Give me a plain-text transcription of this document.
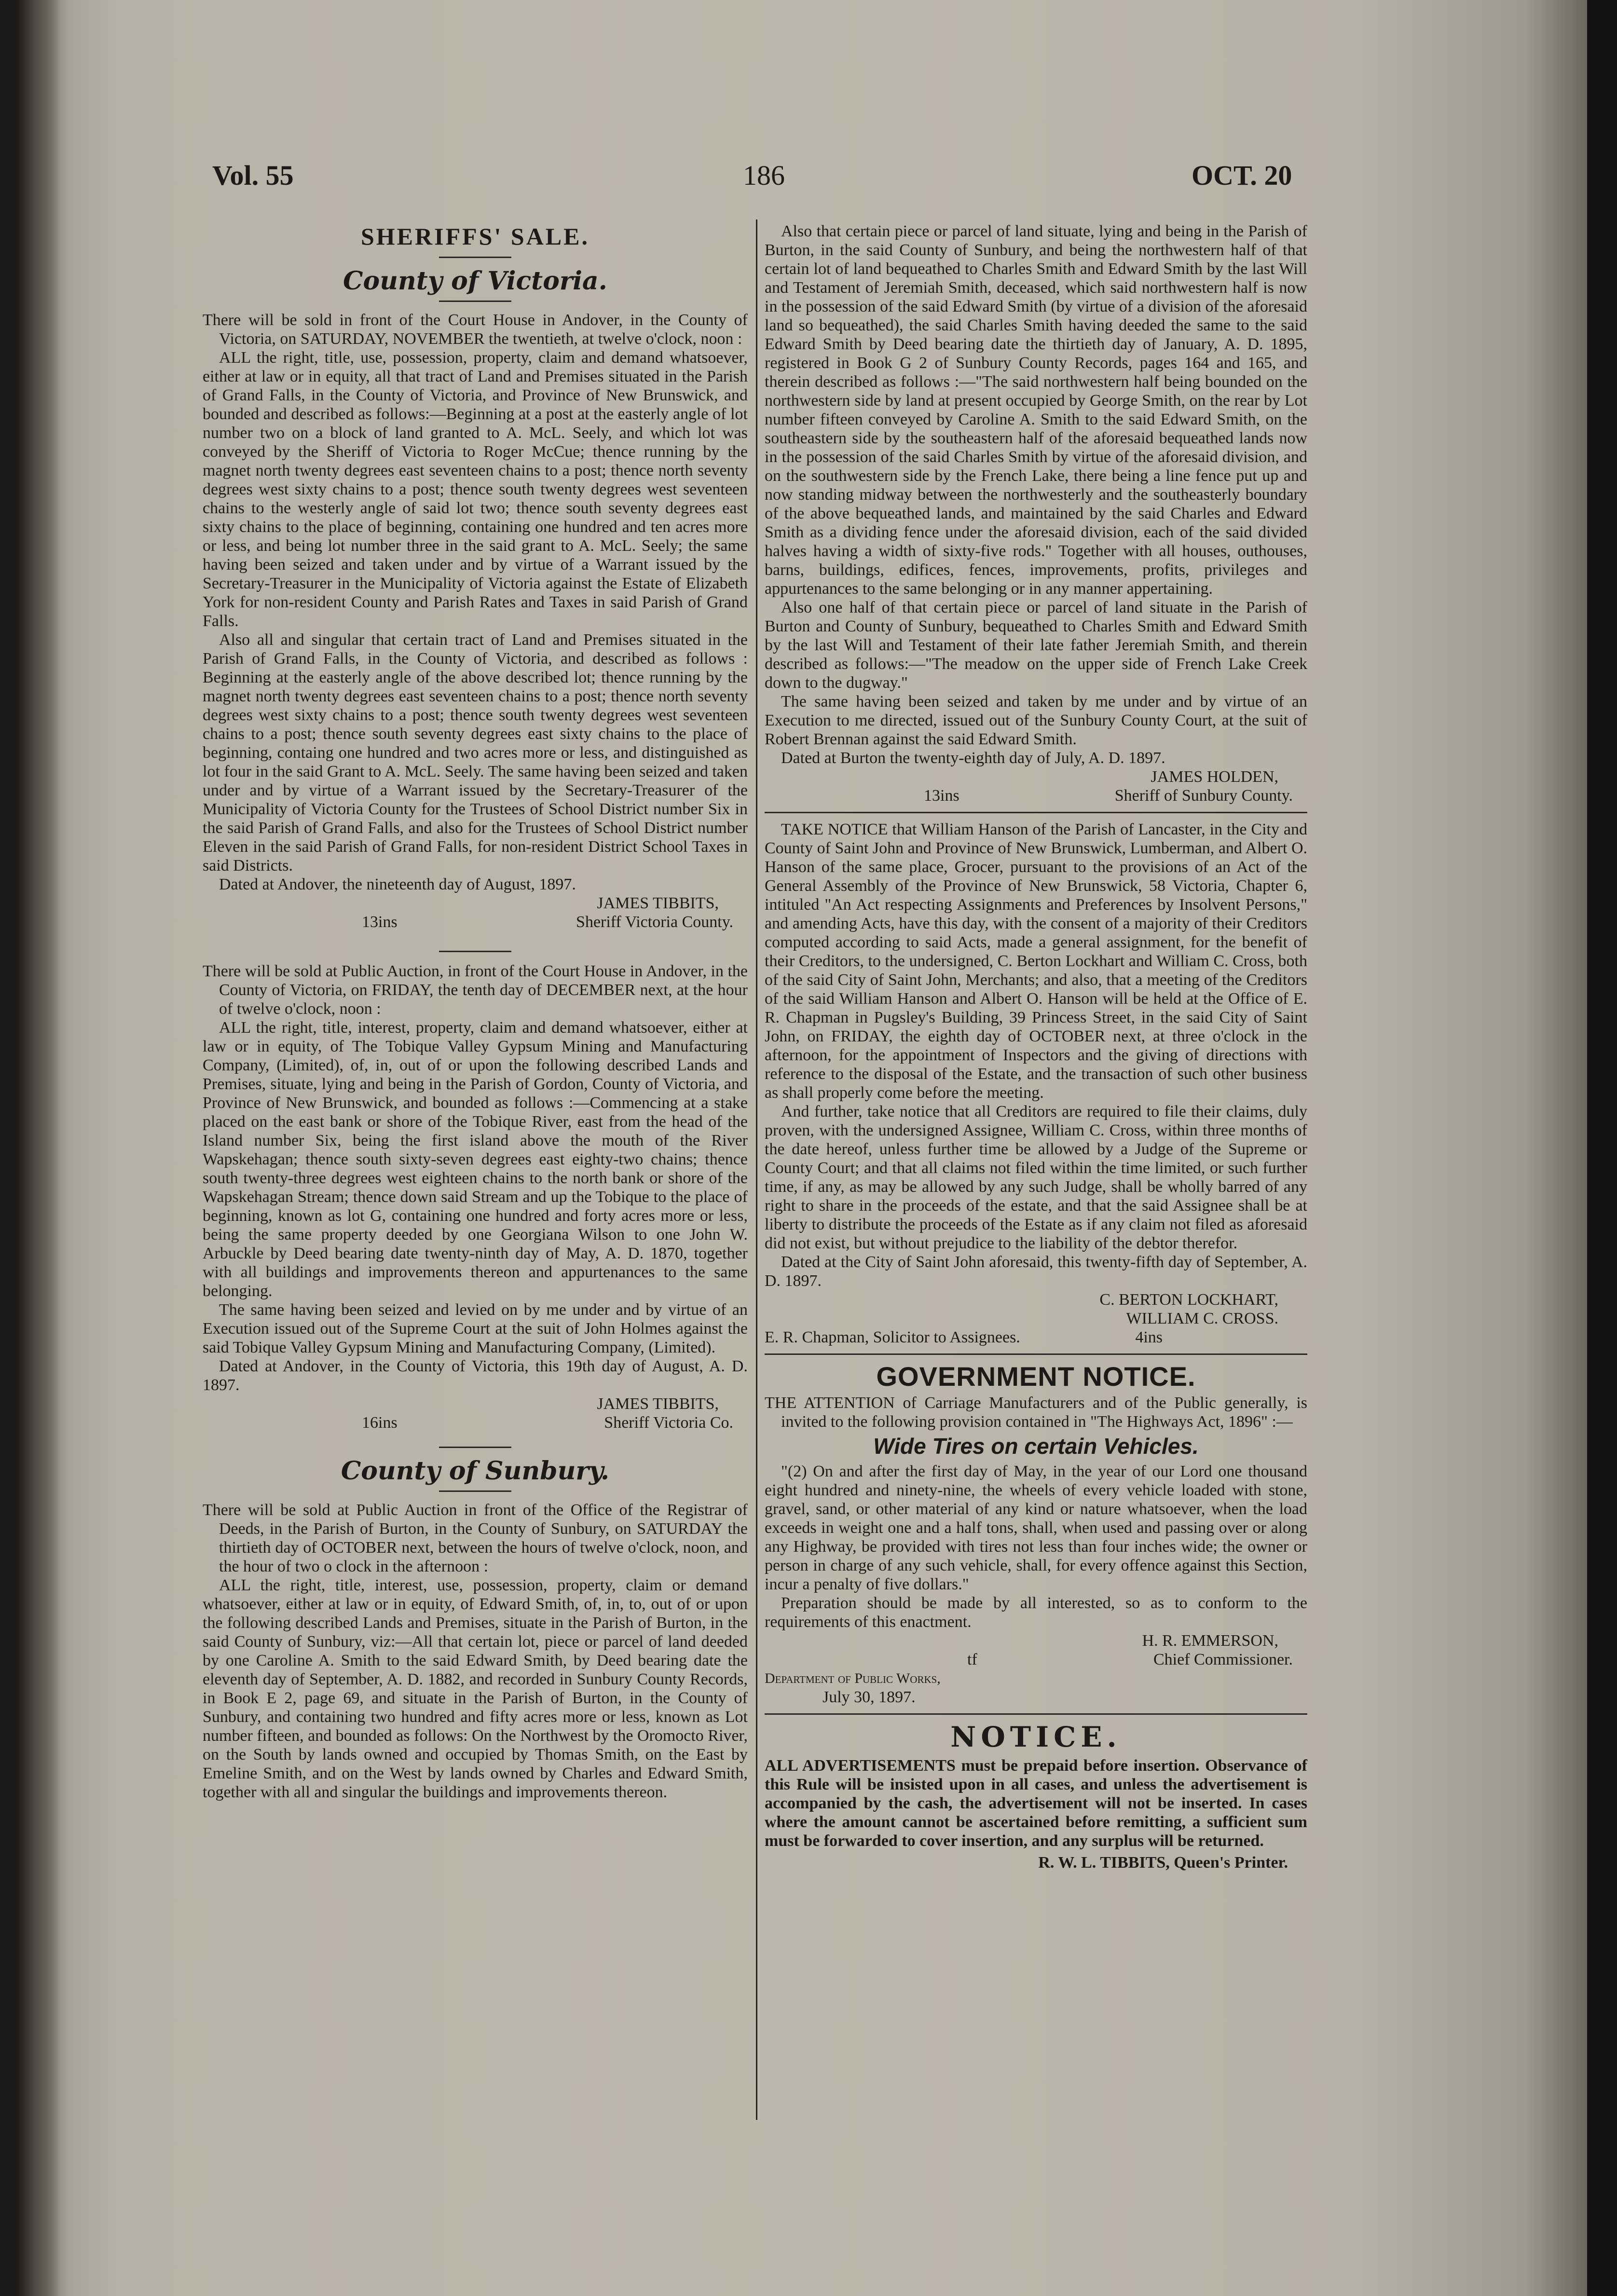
Vol. 55	186	OCT. 20
SHERIFFS' SALE.
County of Victoria.

There will be sold in front of the Court House in Andover, in the County of Victoria, on SATURDAY, NOVEMBER the twentieth, at twelve o'clock, noon :

ALL the right, title, use, possession, property, claim and demand whatsoever, either at law or in equity, all that tract of Land and Premises situated in the Parish of Grand Falls, in the County of Victoria, and Province of New Brunswick, and bounded and described as follows:—Beginning at a post at the easterly angle of lot number two on a block of land granted to A. McL. Seely, and which lot was conveyed by the Sheriff of Victoria to Roger McCue; thence running by the magnet north twenty degrees east seventeen chains to a post; thence north seventy degrees west sixty chains to a post; thence south twenty degrees west seventeen chains to the westerly angle of said lot two; thence south seventy degrees east sixty chains to the place of beginning, containing one hundred and ten acres more or less, and being lot number three in the said grant to A. McL. Seely; the same having been seized and taken under and by virtue of a Warrant issued by the Secretary-Treasurer in the Municipality of Victoria against the Estate of Elizabeth York for non-resident County and Parish Rates and Taxes in said Parish of Grand Falls.

Also all and singular that certain tract of Land and Premises situated in the Parish of Grand Falls, in the County of Victoria, and described as follows : Beginning at the easterly angle of the above described lot; thence running by the magnet north twenty degrees east seventeen chains to a post; thence north seventy degrees west sixty chains to a post; thence south twenty degrees west seventeen chains to a post; thence south seventy degrees east sixty chains to the place of beginning, containg one hundred and two acres more or less, and distinguished as lot four in the said Grant to A. McL. Seely. The same having been seized and taken under and by virtue of a Warrant issued by the Secretary-Treasurer of the Municipality of Victoria County for the Trustees of School District number Six in the said Parish of Grand Falls, and also for the Trustees of School District number Eleven in the said Parish of Grand Falls, for non-resident District School Taxes in said Districts.

Dated at Andover, the nineteenth day of August, 1897.

JAMES TIBBITS,

13ins	Sheriff Victoria County.

There will be sold at Public Auction, in front of the Court House in Andover, in the County of Victoria, on FRIDAY, the tenth day of DECEMBER next, at the hour of twelve o'clock, noon :

ALL the right, title, interest, property, claim and demand whatsoever, either at law or in equity, of The Tobique Valley Gypsum Mining and Manufacturing Company, (Limited), of, in, out of or upon the following described Lands and Premises, situate, lying and being in the Parish of Gordon, County of Victoria, and Province of New Brunswick, and bounded as follows :—Commencing at a stake placed on the east bank or shore of the Tobique River, east from the head of the Island number Six, being the first island above the mouth of the River Wapskehagan; thence south sixty-seven degrees east eighty-two chains; thence south twenty-three degrees west eighteen chains to the north bank or shore of the Wapskehagan Stream; thence down said Stream and up the Tobique to the place of beginning, known as lot G, containing one hundred and forty acres more or less, being the same property deeded by one Georgiana Wilson to one John W. Arbuckle by Deed bearing date twenty-ninth day of May, A. D. 1870, together with all buildings and improvements thereon and appurtenances to the same belonging.

The same having been seized and levied on by me under and by virtue of an Execution issued out of the Supreme Court at the suit of John Holmes against the said Tobique Valley Gypsum Mining and Manufacturing Company, (Limited).

Dated at Andover, in the County of Victoria, this 19th day of August, A. D. 1897.

JAMES TIBBITS,

16ins	Sheriff Victoria Co.
County of Sunbury.

There will be sold at Public Auction in front of the Office of the Registrar of Deeds, in the Parish of Burton, in the County of Sunbury, on SATURDAY the thirtieth day of OCTOBER next, between the hours of twelve o'clock, noon, and the hour of two o clock in the afternoon :

ALL the right, title, interest, use, possession, property, claim or demand whatsoever, either at law or in equity, of Edward Smith, of, in, to, out of or upon the following described Lands and Premises, situate in the Parish of Burton, in the said County of Sunbury, viz:—All that certain lot, piece or parcel of land deeded by one Caroline A. Smith to the said Edward Smith, by Deed bearing date the eleventh day of September, A. D. 1882, and recorded in Sunbury County Records, in Book E 2, page 69, and situate in the Parish of Burton, in the County of Sunbury, and containing two hundred and fifty acres more or less, known as Lot number fifteen, and bounded as follows: On the Northwest by the Oromocto River, on the South by lands owned and occupied by Thomas Smith, on the East by Emeline Smith, and on the West by lands owned by Charles and Edward Smith, together with all and singular the buildings and improvements thereon.

Also that certain piece or parcel of land situate, lying and being in the Parish of Burton, in the said County of Sunbury, and being the northwestern half of that certain lot of land bequeathed to Charles Smith and Edward Smith by the last Will and Testament of Jeremiah Smith, deceased, which said northwestern half is now in the possession of the said Edward Smith (by virtue of a division of the aforesaid land so bequeathed), the said Charles Smith having deeded the same to the said Edward Smith by Deed bearing date the thirtieth day of January, A. D. 1895, registered in Book G 2 of Sunbury County Records, pages 164 and 165, and therein described as follows :—"The said northwestern half being bounded on the northwestern side by land at present occupied by George Smith, on the rear by Lot number fifteen conveyed by Caroline A. Smith to the said Edward Smith, on the southeastern side by the southeastern half of the aforesaid bequeathed lands now in the possession of the said Charles Smith by virtue of the aforesaid division, and on the southwestern side by the French Lake, there being a line fence put up and now standing midway between the northwesterly and the southeasterly boundary of the above bequeathed lands, and maintained by the said Charles and Edward Smith as a dividing fence under the aforesaid division, each of the said divided halves having a width of sixty-five rods." Together with all houses, outhouses, barns, buildings, edifices, fences, improvements, profits, privileges and appurtenances to the same belonging or in any manner appertaining.

Also one half of that certain piece or parcel of land situate in the Parish of Burton and County of Sunbury, bequeathed to Charles Smith and Edward Smith by the last Will and Testament of their late father Jeremiah Smith, and therein described as follows:—"The meadow on the upper side of French Lake Creek down to the dugway."

The same having been seized and taken by me under and by virtue of an Execution to me directed, issued out of the Sunbury County Court, at the suit of Robert Brennan against the said Edward Smith.

Dated at Burton the twenty-eighth day of July, A. D. 1897.

JAMES HOLDEN,

13ins	Sheriff of Sunbury County.

TAKE NOTICE that William Hanson of the Parish of Lancaster, in the City and County of Saint John and Province of New Brunswick, Lumberman, and Albert O. Hanson of the same place, Grocer, pursuant to the provisions of an Act of the General Assembly of the Province of New Brunswick, 58 Victoria, Chapter 6, intituled "An Act respecting Assignments and Preferences by Insolvent Persons," and amending Acts, have this day, with the consent of a majority of their Creditors computed according to said Acts, made a general assignment, for the benefit of their Creditors, to the undersigned, C. Berton Lockhart and William C. Cross, both of the said City of Saint John, Merchants; and also, that a meeting of the Creditors of the said William Hanson and Albert O. Hanson will be held at the Office of E. R. Chapman in Pugsley's Building, 39 Princess Street, in the said City of Saint John, on FRIDAY, the eighth day of OCTOBER next, at three o'clock in the afternoon, for the appointment of Inspectors and the giving of directions with reference to the disposal of the Estate, and the transaction of such other business as shall properly come before the meeting.

And further, take notice that all Creditors are required to file their claims, duly proven, with the undersigned Assignee, William C. Cross, within three months of the date hereof, unless further time be allowed by a Judge of the Supreme or County Court; and that all claims not filed within the time limited, or such further time, if any, as may be allowed by any such Judge, shall be wholly barred of any right to share in the proceeds of the estate, and that the said Assignee shall be at liberty to distribute the proceeds of the Estate as if any claim not filed as aforesaid did not exist, but without prejudice to the liability of the debtor therefor.

Dated at the City of Saint John aforesaid, this twenty-fifth day of September, A. D. 1897.

C. BERTON LOCKHART,

WILLIAM C. CROSS.

E. R. Chapman, Solicitor to Assignees.	4ins
GOVERNMENT NOTICE.

THE ATTENTION of Carriage Manufacturers and of the Public generally, is invited to the following provision contained in "The Highways Act, 1896" :—

Wide Tires on certain Vehicles.

"(2) On and after the first day of May, in the year of our Lord one thousand eight hundred and ninety-nine, the wheels of every vehicle loaded with stone, gravel, sand, or other material of any kind or nature whatsoever, when the load exceeds in weight one and a half tons, shall, when used and passing over or along any Highway, be provided with tires not less than four inches wide; the owner or person in charge of any such vehicle, shall, for every offence against this Section, incur a penalty of five dollars."

Preparation should be made by all interested, so as to conform to the requirements of this enactment.

H. R. EMMERSON,

tf	Chief Commissioner.

Department of Public Works,

July 30, 1897.

NOTICE.

ALL ADVERTISEMENTS must be prepaid before insertion. Observance of this Rule will be insisted upon in all cases, and unless the advertisement is accompanied by the cash, the advertisement will not be inserted. In cases where the amount cannot be ascertained before remitting, a sufficient sum must be forwarded to cover insertion, and any surplus will be returned.

R. W. L. TIBBITS, Queen's Printer.
